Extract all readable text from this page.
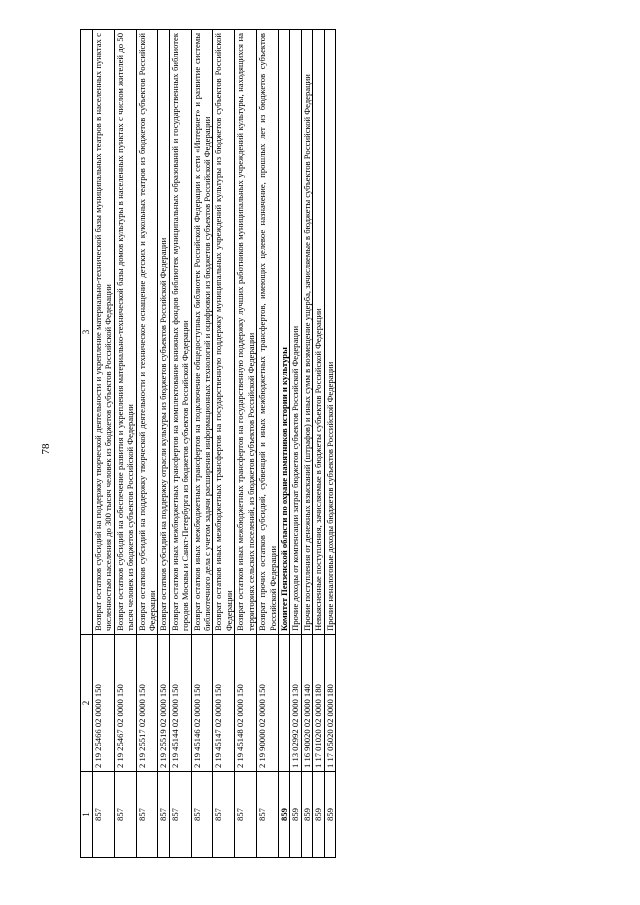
78
1	2	3
857	2 19 25466 02 0000 150	Возврат остатков субсидий на поддержку творческой деятельности и укрепление материально-технической базы муниципальных театров в населенных пунктах с численностью населения до 300 тысяч человек из бюджетов субъектов Российской Федерации
857	2 19 25467 02 0000 150	Возврат остатков субсидий на обеспечение развития и укрепления материально-технической базы домов культуры в населенных пунктах с числом жителей до 50 тысяч человек из бюджетов субъектов Российской Федерации
857	2 19 25517 02 0000 150	Возврат остатков субсидий на поддержку творческой деятельности и техническое оснащение детских и кукольных театров из бюджетов субъектов Российской Федерации
857	2 19 25519 02 0000 150	Возврат остатков субсидий на поддержку отрасли культуры из бюджетов субъектов Российской Федерации
857	2 19 45144 02 0000 150	Возврат остатков иных межбюджетных трансфертов на комплектование книжных фондов библиотек муниципальных образований и государственных библиотек городов Москвы и Санкт-Петербурга из бюджетов субъектов Российской Федерации
857	2 19 45146 02 0000 150	Возврат остатков иных межбюджетных трансфертов на подключение общедоступных библиотек Российской Федерации к сети «Интернет» и развитие системы библиотечного дела с учетом задачи расширения информационных технологий и оцифровки из бюджетов субъектов Российской Федерации
857	2 19 45147 02 0000 150	Возврат остатков иных межбюджетных трансфертов на государственную поддержку муниципальных учреждений культуры из бюджетов субъектов Российской Федерации
857	2 19 45148 02 0000 150	Возврат остатков иных межбюджетных трансфертов на государственную поддержку лучших работников муниципальных учреждений культуры, находящихся на территориях сельских поселений, из бюджетов субъектов Российской Федерации
857	2 19 90000 02 0000 150	Возврат прочих остатков субсидий, субвенций и иных межбюджетных трансфертов, имеющих целевое назначение, прошлых лет из бюджетов субъектов Российской Федерации
859		Комитет Пензенской области по охране памятников истории и культуры
859	1 13 02992 02 0000 130	Прочие доходы от компенсации затрат бюджетов субъектов Российской Федерации
859	1 16 90020 02 0000 140	Прочие поступления от денежных взысканий (штрафов) и иных сумм в возмещение ущерба, зачисляемые в бюджеты субъектов Российской Федерации
859	1 17 01020 02 0000 180	Невыясненные поступления, зачисляемые в бюджеты субъектов Российской Федерации
859	1 17 05020 02 0000 180	Прочие неналоговые доходы бюджетов субъектов Российской Федерации
